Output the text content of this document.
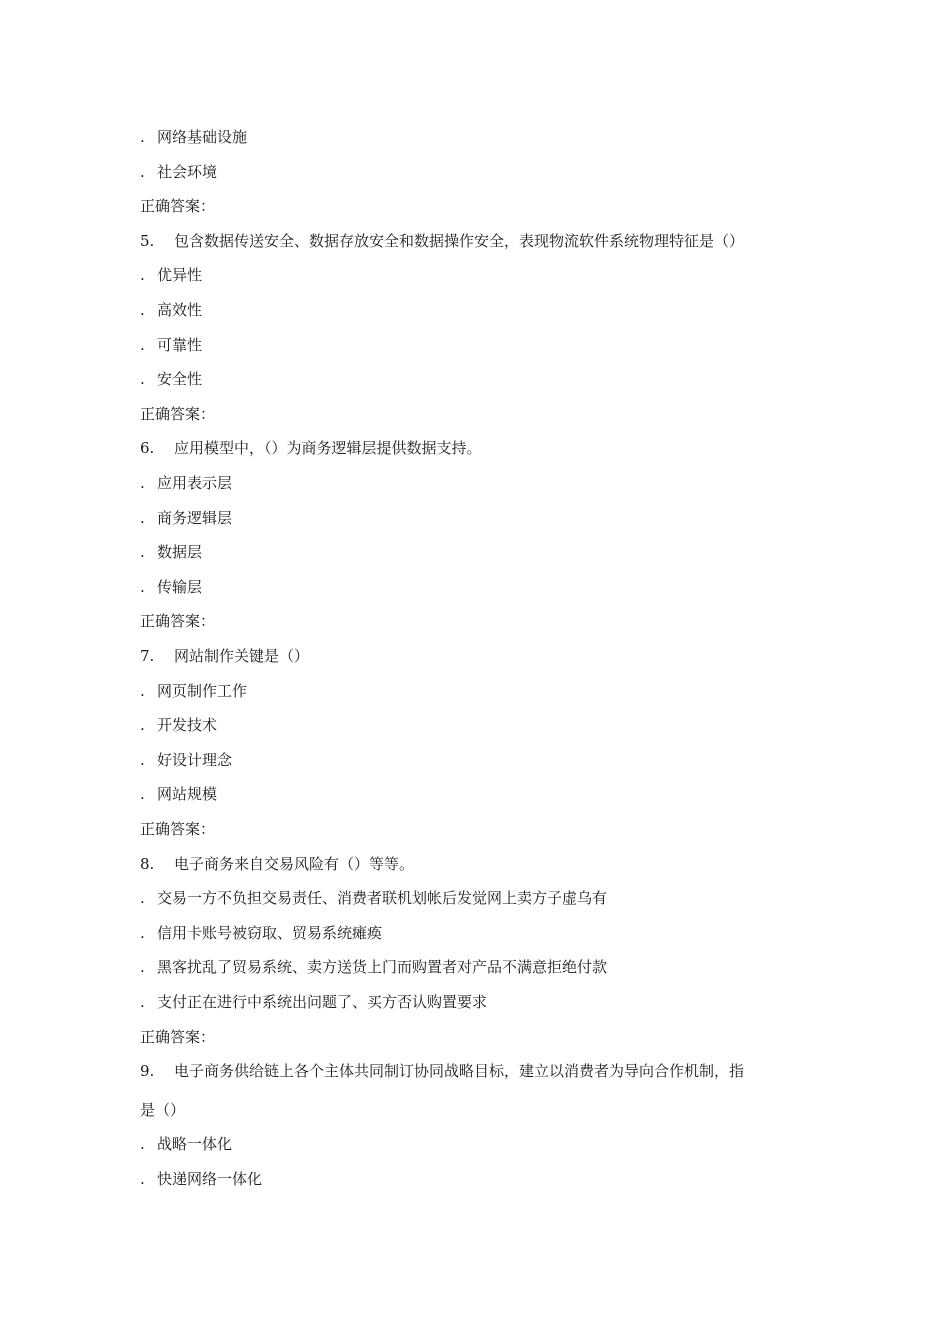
. 网络基础设施
. 社会环境
正确答案：
5. 包含数据传送安全、数据存放安全和数据操作安全，表现物流软件系统物理特征是（）
. 优异性
. 高效性
. 可靠性
. 安全性
正确答案：
6. 应用模型中，（）为商务逻辑层提供数据支持。
. 应用表示层
. 商务逻辑层
. 数据层
. 传输层
正确答案：
7. 网站制作关键是（）
. 网页制作工作
. 开发技术
. 好设计理念
. 网站规模
正确答案：
8. 电子商务来自交易风险有（）等等。
. 交易一方不负担交易责任、消费者联机划帐后发觉网上卖方子虚乌有
. 信用卡账号被窃取、贸易系统瘫痪
. 黑客扰乱了贸易系统、卖方送货上门而购置者对产品不满意拒绝付款
. 支付正在进行中系统出问题了、买方否认购置要求
正确答案：
9. 电子商务供给链上各个主体共同制订协同战略目标，建立以消费者为导向合作机制，指
是（）
. 战略一体化
. 快递网络一体化
